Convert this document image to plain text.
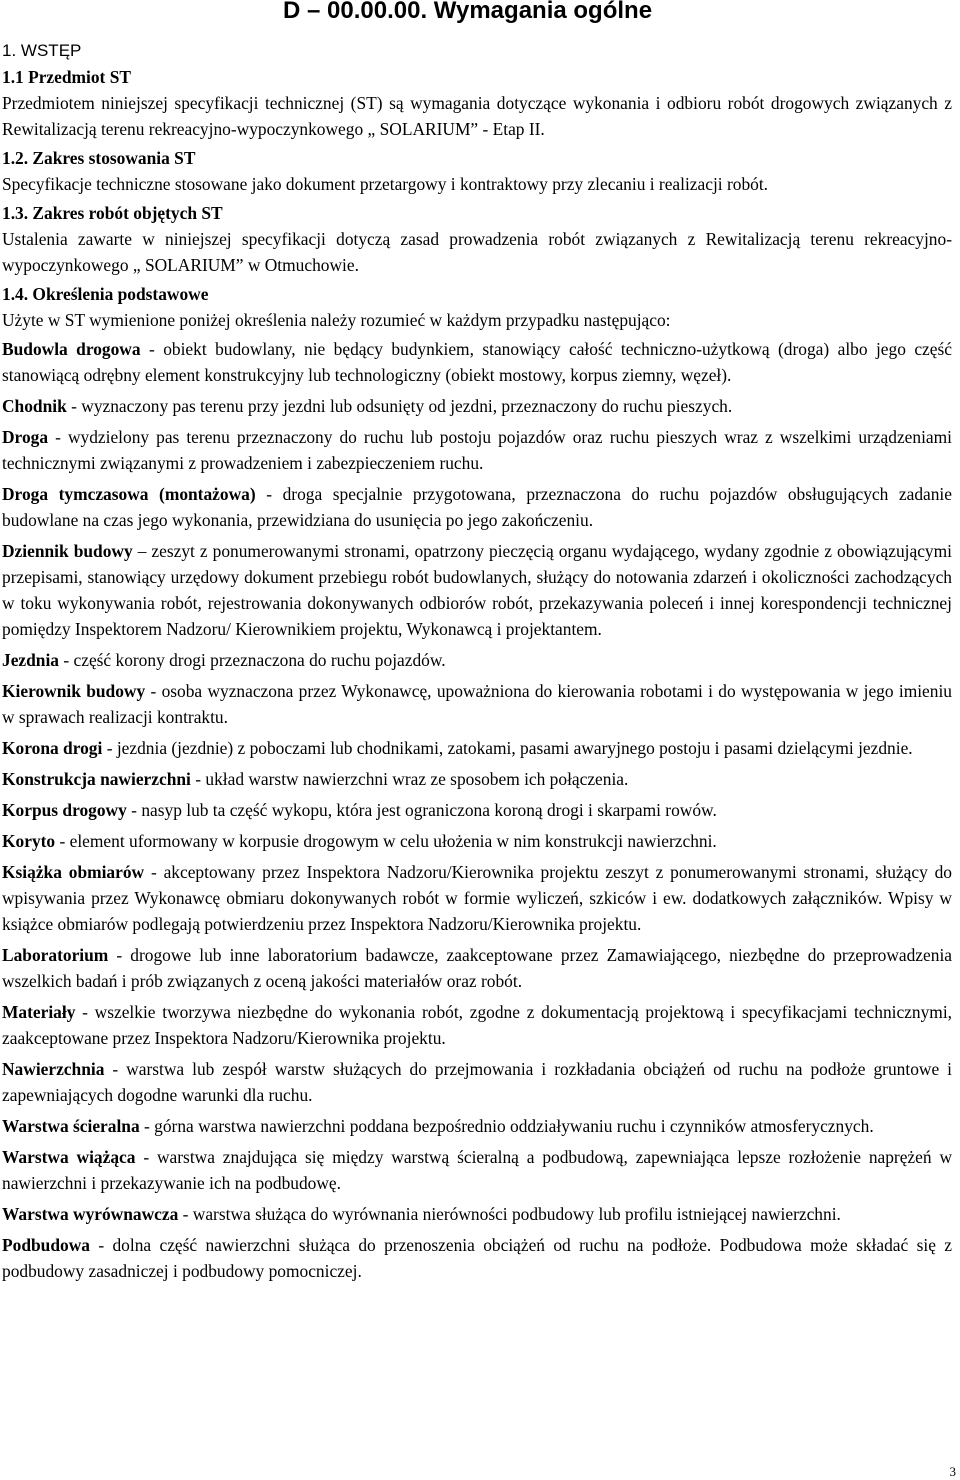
D – 00.00.00. Wymagania ogólne
1. WSTĘP

1.1 Przedmiot ST

Przedmiotem niniejszej specyfikacji technicznej (ST) są wymagania dotyczące wykonania i odbioru robót drogowych związanych z Rewitalizacją terenu rekreacyjno-wypoczynkowego „ SOLARIUM” - Etap II.

1.2. Zakres stosowania ST

Specyfikacje techniczne stosowane jako dokument przetargowy i kontraktowy przy zlecaniu i realizacji robót.

1.3. Zakres robót objętych ST

Ustalenia zawarte w niniejszej specyfikacji dotyczą zasad prowadzenia robót związanych z Rewitalizacją terenu rekreacyjno-wypoczynkowego „ SOLARIUM” w Otmuchowie.

1.4. Określenia podstawowe

Użyte w ST wymienione poniżej określenia należy rozumieć w każdym przypadku następująco:

Budowla drogowa - obiekt budowlany, nie będący budynkiem, stanowiący całość techniczno-użytkową (droga) albo jego część stanowiącą odrębny element konstrukcyjny lub technologiczny (obiekt mostowy, korpus ziemny, węzeł).

Chodnik - wyznaczony pas terenu przy jezdni lub odsunięty od jezdni, przeznaczony do ruchu pieszych.

Droga - wydzielony pas terenu przeznaczony do ruchu lub postoju pojazdów oraz ruchu pieszych wraz z wszelkimi urządzeniami technicznymi związanymi z prowadzeniem i zabezpieczeniem ruchu.

Droga tymczasowa (montażowa) - droga specjalnie przygotowana, przeznaczona do ruchu pojazdów obsługujących zadanie budowlane na czas jego wykonania, przewidziana do usunięcia po jego zakończeniu.

Dziennik budowy – zeszyt z ponumerowanymi stronami, opatrzony pieczęcią organu wydającego, wydany zgodnie z obowiązującymi przepisami, stanowiący urzędowy dokument przebiegu robót budowlanych, służący do notowania zdarzeń i okoliczności zachodzących w toku wykonywania robót, rejestrowania dokonywanych odbiorów robót, przekazywania poleceń i innej korespondencji technicznej pomiędzy Inspektorem Nadzoru/ Kierownikiem projektu, Wykonawcą i projektantem.

Jezdnia - część korony drogi przeznaczona do ruchu pojazdów.

Kierownik budowy - osoba wyznaczona przez Wykonawcę, upoważniona do kierowania robotami i do występowania w jego imieniu w sprawach realizacji kontraktu.

Korona drogi - jezdnia (jezdnie) z poboczami lub chodnikami, zatokami, pasami awaryjnego postoju i pasami dzielącymi jezdnie.

Konstrukcja nawierzchni - układ warstw nawierzchni wraz ze sposobem ich połączenia.

Korpus drogowy - nasyp lub ta część wykopu, która jest ograniczona koroną drogi i skarpami rowów.

Koryto - element uformowany w korpusie drogowym w celu ułożenia w nim konstrukcji nawierzchni.

Książka obmiarów - akceptowany przez Inspektora Nadzoru/Kierownika projektu zeszyt z ponumerowanymi stronami, służący do wpisywania przez Wykonawcę obmiaru dokonywanych robót w formie wyliczeń, szkiców i ew. dodatkowych załączników. Wpisy w książce obmiarów podlegają potwierdzeniu przez Inspektora Nadzoru/Kierownika projektu.

Laboratorium - drogowe lub inne laboratorium badawcze, zaakceptowane przez Zamawiającego, niezbędne do przeprowadzenia wszelkich badań i prób związanych z oceną jakości materiałów oraz robót.

Materiały - wszelkie tworzywa niezbędne do wykonania robót, zgodne z dokumentacją projektową i specyfikacjami technicznymi, zaakceptowane przez Inspektora Nadzoru/Kierownika projektu.

Nawierzchnia - warstwa lub zespół warstw służących do przejmowania i rozkładania obciążeń od ruchu na podłoże gruntowe i zapewniających dogodne warunki dla ruchu.

Warstwa ścieralna - górna warstwa nawierzchni poddana bezpośrednio oddziaływaniu ruchu i czynników atmosferycznych.

Warstwa wiążąca - warstwa znajdująca się między warstwą ścieralną a podbudową, zapewniająca lepsze rozłożenie naprężeń w nawierzchni i przekazywanie ich na podbudowę.

Warstwa wyrównawcza - warstwa służąca do wyrównania nierówności podbudowy lub profilu istniejącej nawierzchni.

Podbudowa - dolna część nawierzchni służąca do przenoszenia obciążeń od ruchu na podłoże. Podbudowa może składać się z podbudowy zasadniczej i podbudowy pomocniczej.

3
